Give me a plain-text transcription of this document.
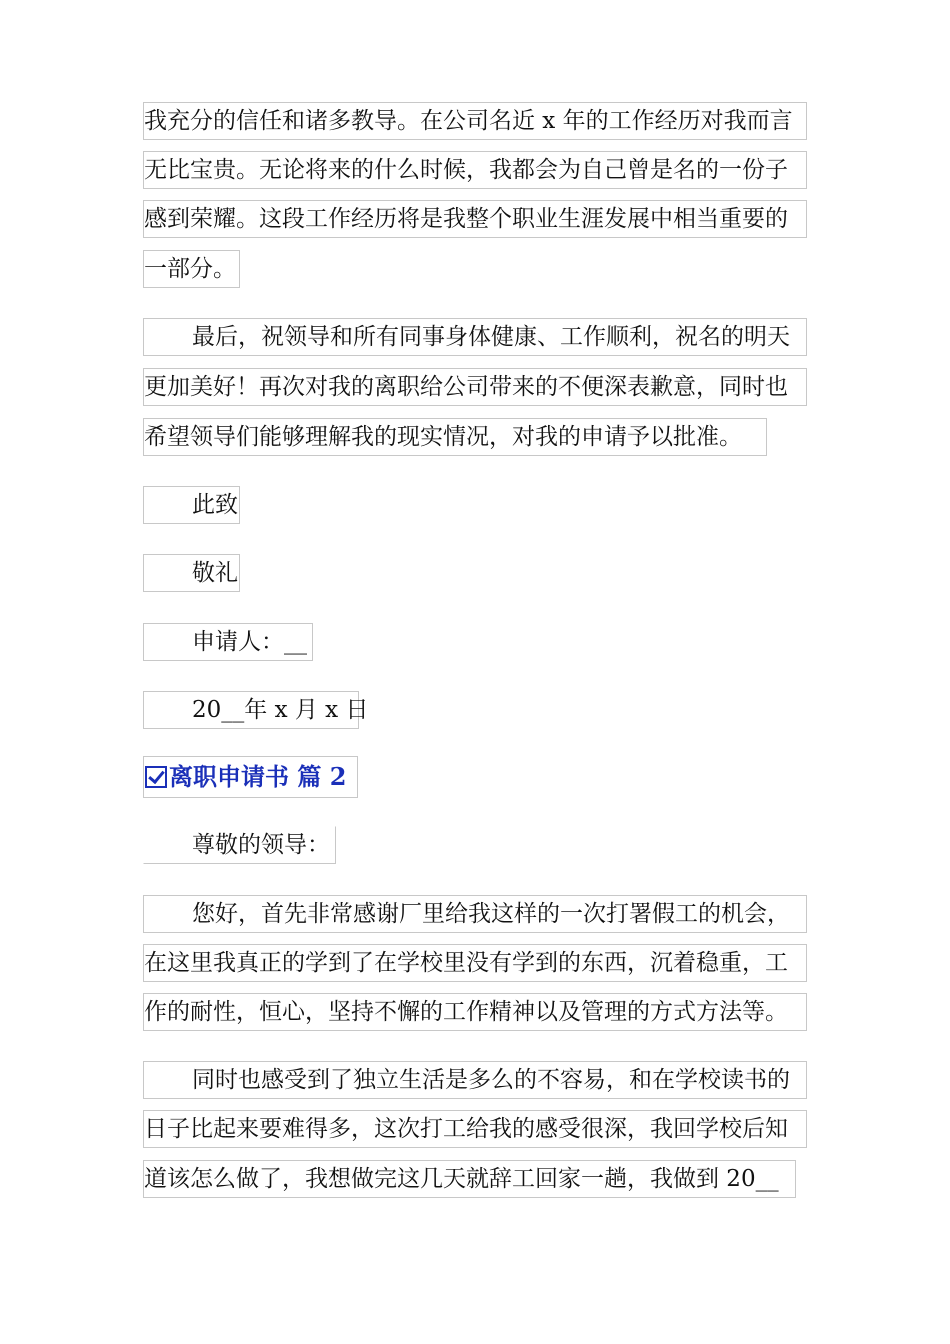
我充分的信任和诸多教导。在公司名近 x 年的工作经历对我而言
无比宝贵。无论将来的什么时候，我都会为自己曾是名的一份子
感到荣耀。这段工作经历将是我整个职业生涯发展中相当重要的
一部分。
最后，祝领导和所有同事身体健康、工作顺利，祝名的明天
更加美好！再次对我的离职给公司带来的不便深表歉意，同时也
希望领导们能够理解我的现实情况，对我的申请予以批准。
此致
敬礼
申请人：__
20__年 x 月 x 日
离职申请书 篇 2
尊敬的领导：
您好，首先非常感谢厂里给我这样的一次打署假工的机会，
在这里我真正的学到了在学校里没有学到的东西，沉着稳重，工
作的耐性，恒心，坚持不懈的工作精神以及管理的方式方法等。
同时也感受到了独立生活是多么的不容易，和在学校读书的
日子比起来要难得多，这次打工给我的感受很深，我回学校后知
道该怎么做了，我想做完这几天就辞工回家一趟，我做到 20__
